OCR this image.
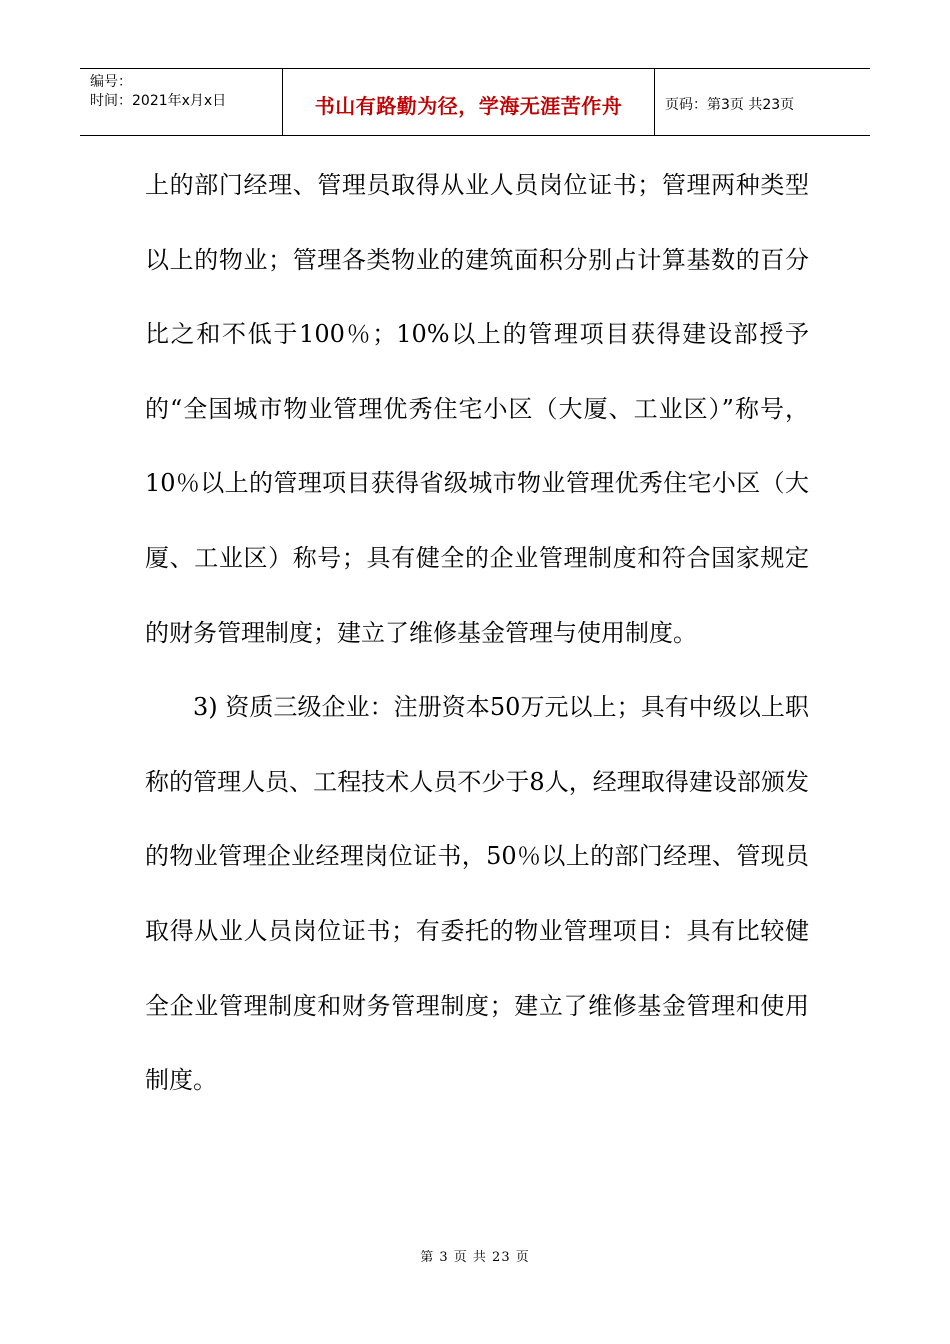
编号：
时间：2021年x月x日	书山有路勤为径，学海无涯苦作舟	页码：第3页 共23页

上的部门经理、管理员取得从业人员岗位证书；管理两种类型以上的物业；管理各类物业的建筑面积分别占计算基数的百分比之和不低于100％；10%以上的管理项目获得建设部授予的“全国城市物业管理优秀住宅小区（大厦、工业区）”称号，10％以上的管理项目获得省级城市物业管理优秀住宅小区（大厦、工业区）称号；具有健全的企业管理制度和符合国家规定的财务管理制度；建立了维修基金管理与使用制度。

3) 资质三级企业：注册资本50万元以上；具有中级以上职称的管理人员、工程技术人员不少于8人，经理取得建设部颁发的物业管理企业经理岗位证书，50％以上的部门经理、管现员取得从业人员岗位证书；有委托的物业管理项目：具有比较健全企业管理制度和财务管理制度；建立了维修基金管理和使用制度。

第 3 页 共 23 页
